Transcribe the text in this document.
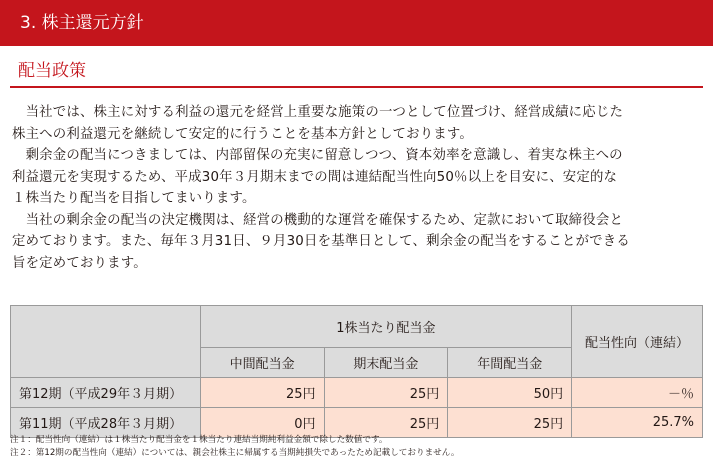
3. 株主還元方針
配当政策
　当社では、株主に対する利益の還元を経営上重要な施策の一つとして位置づけ、経営成績に応じた
株主への利益還元を継続して安定的に行うことを基本方針としております。
　剰余金の配当につきましては、内部留保の充実に留意しつつ、資本効率を意識し、着実な株主への
利益還元を実現するため、平成30年３月期末までの間は連結配当性向50％以上を目安に、安定的な
１株当たり配当を目指してまいります。
　当社の剰余金の配当の決定機関は、経営の機動的な運営を確保するため、定款において取締役会と
定めております。また、毎年３月31日、９月30日を基準日として、剰余金の配当をすることができる
旨を定めております。
	1株当たり配当金			配当性向（連結）
	中間配当金	期末配当金	年間配当金	
第12期（平成29年３月期）	25円	25円	50円	－％
第11期（平成28年３月期）	0円	25円	25円	25.7%
注１：配当性向（連結）は１株当たり配当金を１株当たり連結当期純利益金額で除した数値です。
注２：第12期の配当性向（連結）については、親会社株主に帰属する当期純損失であったため記載しておりません。
